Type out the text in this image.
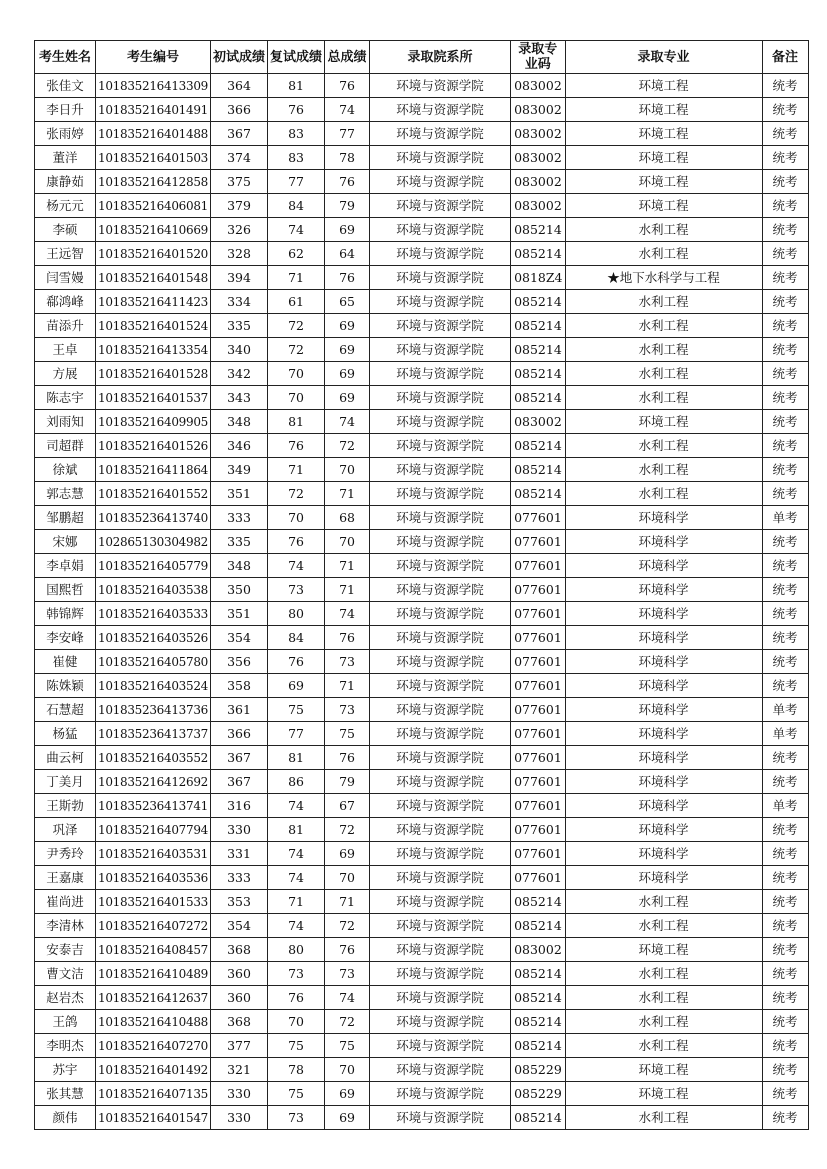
考生姓名	考生编号	初试成绩	复试成绩	总成绩	录取院系所	录取专业码	录取专业	备注
张佳文	101835216413309	364	81	76	环境与资源学院	083002	环境工程	统考
李日升	101835216401491	366	76	74	环境与资源学院	083002	环境工程	统考
张雨婷	101835216401488	367	83	77	环境与资源学院	083002	环境工程	统考
董洋	101835216401503	374	83	78	环境与资源学院	083002	环境工程	统考
康静茹	101835216412858	375	77	76	环境与资源学院	083002	环境工程	统考
杨元元	101835216406081	379	84	79	环境与资源学院	083002	环境工程	统考
李硕	101835216410669	326	74	69	环境与资源学院	085214	水利工程	统考
王远智	101835216401520	328	62	64	环境与资源学院	085214	水利工程	统考
闫雪嫚	101835216401548	394	71	76	环境与资源学院	0818Z4	★地下水科学与工程	统考
郗鸿峰	101835216411423	334	61	65	环境与资源学院	085214	水利工程	统考
苗添升	101835216401524	335	72	69	环境与资源学院	085214	水利工程	统考
王卓	101835216413354	340	72	69	环境与资源学院	085214	水利工程	统考
方展	101835216401528	342	70	69	环境与资源学院	085214	水利工程	统考
陈志宇	101835216401537	343	70	69	环境与资源学院	085214	水利工程	统考
刘雨知	101835216409905	348	81	74	环境与资源学院	083002	环境工程	统考
司超群	101835216401526	346	76	72	环境与资源学院	085214	水利工程	统考
徐斌	101835216411864	349	71	70	环境与资源学院	085214	水利工程	统考
郭志慧	101835216401552	351	72	71	环境与资源学院	085214	水利工程	统考
邹鹏超	101835236413740	333	70	68	环境与资源学院	077601	环境科学	单考
宋娜	102865130304982	335	76	70	环境与资源学院	077601	环境科学	统考
李卓娟	101835216405779	348	74	71	环境与资源学院	077601	环境科学	统考
国熙哲	101835216403538	350	73	71	环境与资源学院	077601	环境科学	统考
韩锦辉	101835216403533	351	80	74	环境与资源学院	077601	环境科学	统考
李安峰	101835216403526	354	84	76	环境与资源学院	077601	环境科学	统考
崔健	101835216405780	356	76	73	环境与资源学院	077601	环境科学	统考
陈姝颖	101835216403524	358	69	71	环境与资源学院	077601	环境科学	统考
石慧超	101835236413736	361	75	73	环境与资源学院	077601	环境科学	单考
杨猛	101835236413737	366	77	75	环境与资源学院	077601	环境科学	单考
曲云柯	101835216403552	367	81	76	环境与资源学院	077601	环境科学	统考
丁美月	101835216412692	367	86	79	环境与资源学院	077601	环境科学	统考
王斯勃	101835236413741	316	74	67	环境与资源学院	077601	环境科学	单考
巩泽	101835216407794	330	81	72	环境与资源学院	077601	环境科学	统考
尹秀玲	101835216403531	331	74	69	环境与资源学院	077601	环境科学	统考
王嘉康	101835216403536	333	74	70	环境与资源学院	077601	环境科学	统考
崔尚进	101835216401533	353	71	71	环境与资源学院	085214	水利工程	统考
李清林	101835216407272	354	74	72	环境与资源学院	085214	水利工程	统考
安泰吉	101835216408457	368	80	76	环境与资源学院	083002	环境工程	统考
曹文洁	101835216410489	360	73	73	环境与资源学院	085214	水利工程	统考
赵岩杰	101835216412637	360	76	74	环境与资源学院	085214	水利工程	统考
王鸽	101835216410488	368	70	72	环境与资源学院	085214	水利工程	统考
李明杰	101835216407270	377	75	75	环境与资源学院	085214	水利工程	统考
苏宇	101835216401492	321	78	70	环境与资源学院	085229	环境工程	统考
张其慧	101835216407135	330	75	69	环境与资源学院	085229	环境工程	统考
颜伟	101835216401547	330	73	69	环境与资源学院	085214	水利工程	统考
